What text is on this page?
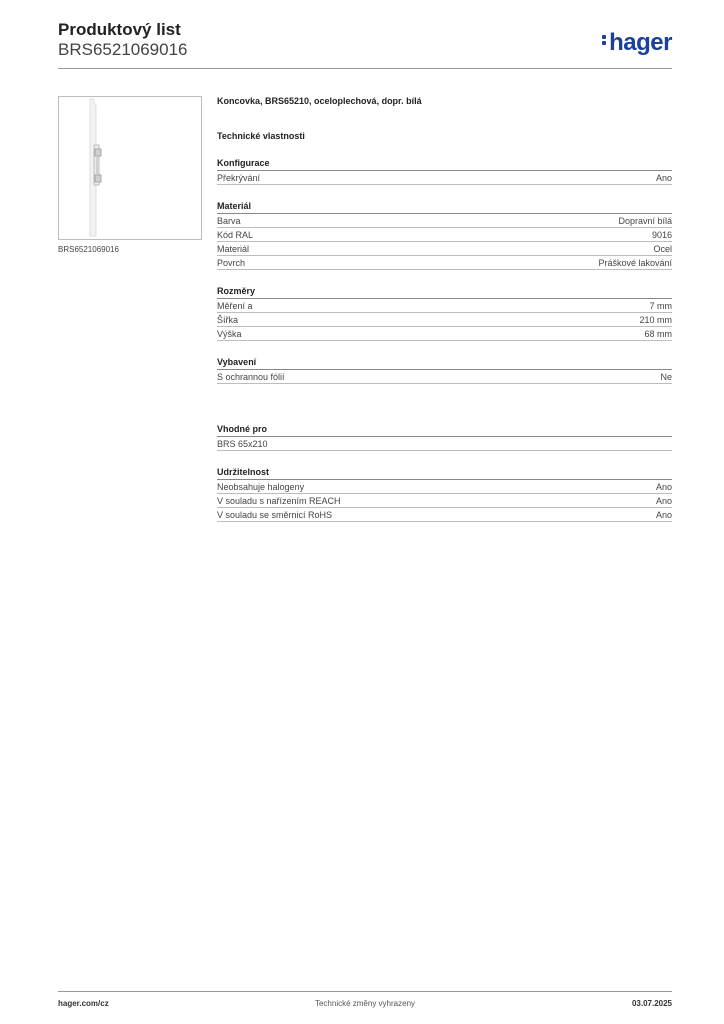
Produktový list
BRS6521069016	hager
BRS6521069016
Koncovka, BRS65210, oceloplechová, dopr. bílá
Technické vlastnosti
Konfigurace
Překrývání	Ano
Materiál
Barva	Dopravní bílá
Kód RAL	9016
Materiál	Ocel
Povrch	Práškové lakování
Rozměry
Měření a	7 mm
Šířka	210 mm
Výška	68 mm
Vybavení
S ochrannou fólií	Ne
Vhodné pro
BRS 65x210
Udržitelnost
Neobsahuje halogeny	Ano
V souladu s nařízením REACH	Ano
V souladu se směrnicí RoHS	Ano
hager.com/cz	Technické změny vyhrazeny	03.07.2025
